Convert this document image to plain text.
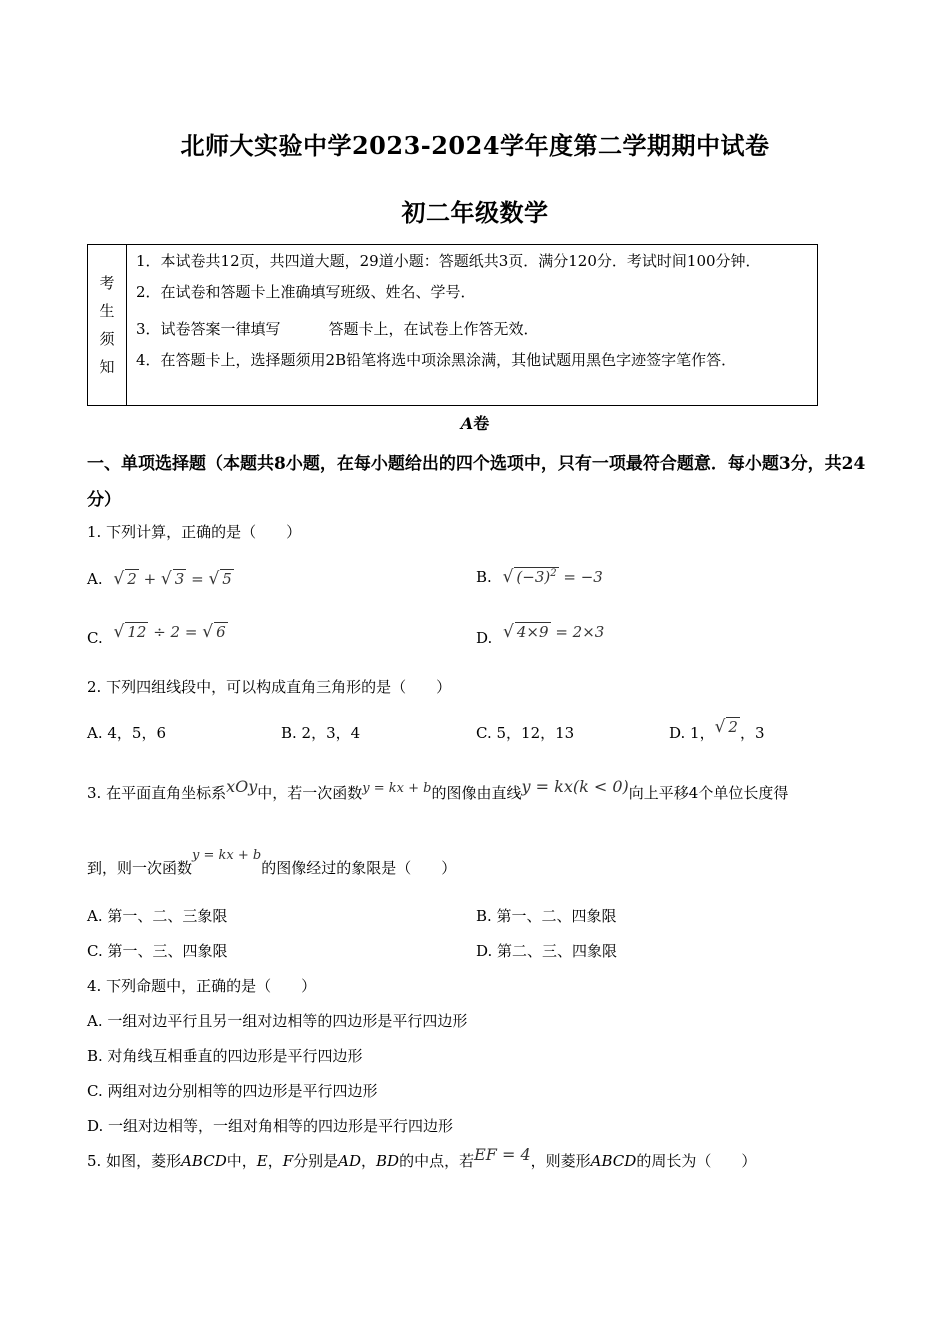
北师大实验中学2023-2024学年度第二学期期中试卷
初二年级数学
考
生
须
知
1．本试卷共12页，共四道大题，29道小题：答题纸共3页．满分120分．考试时间100分钟．
2．在试卷和答题卡上准确填写班级、姓名、学号．
3．试卷答案一律填写	答题卡上，在试卷上作答无效．
4．在答题卡上，选择题须用2B铅笔将选中项涂黑涂满，其他试题用黑色字迹签字笔作答．
A卷
一、单项选择题（本题共8小题，在每小题给出的四个选项中，只有一项最符合题意．每小题3分，共24分）
1. 下列计算，正确的是（　　）
A. √ 2 + √ 3 = √ 5	B. √ $(-3)^2 = -3$
C. √ 12 ÷ 2 = √ 6	D. √ 4×9 = 2×3
2. 下列四组线段中，可以构成直角三角形的是（　　）
A. 4，5，6	B. 2，3，4	C. 5，12，13	D. 1，√ 2 ，3
3. 在平面直角坐标系xOy中，若一次函数y = kx + b的图像由直线y = kx(k < 0)向上平移4个单位长度得
到，则一次函数y = kx + b的图像经过的象限是（　　）
A. 第一、二、三象限	B. 第一、二、四象限
C. 第一、三、四象限	D. 第二、三、四象限
4. 下列命题中，正确的是（　　）
A. 一组对边平行且另一组对边相等的四边形是平行四边形
B. 对角线互相垂直的四边形是平行四边形
C. 两组对边分别相等的四边形是平行四边形
D. 一组对边相等，一组对角相等的四边形是平行四边形
5. 如图，菱形ABCD中，E，F分别是AD，BD的中点，若EF = 4，则菱形ABCD的周长为（　　）
